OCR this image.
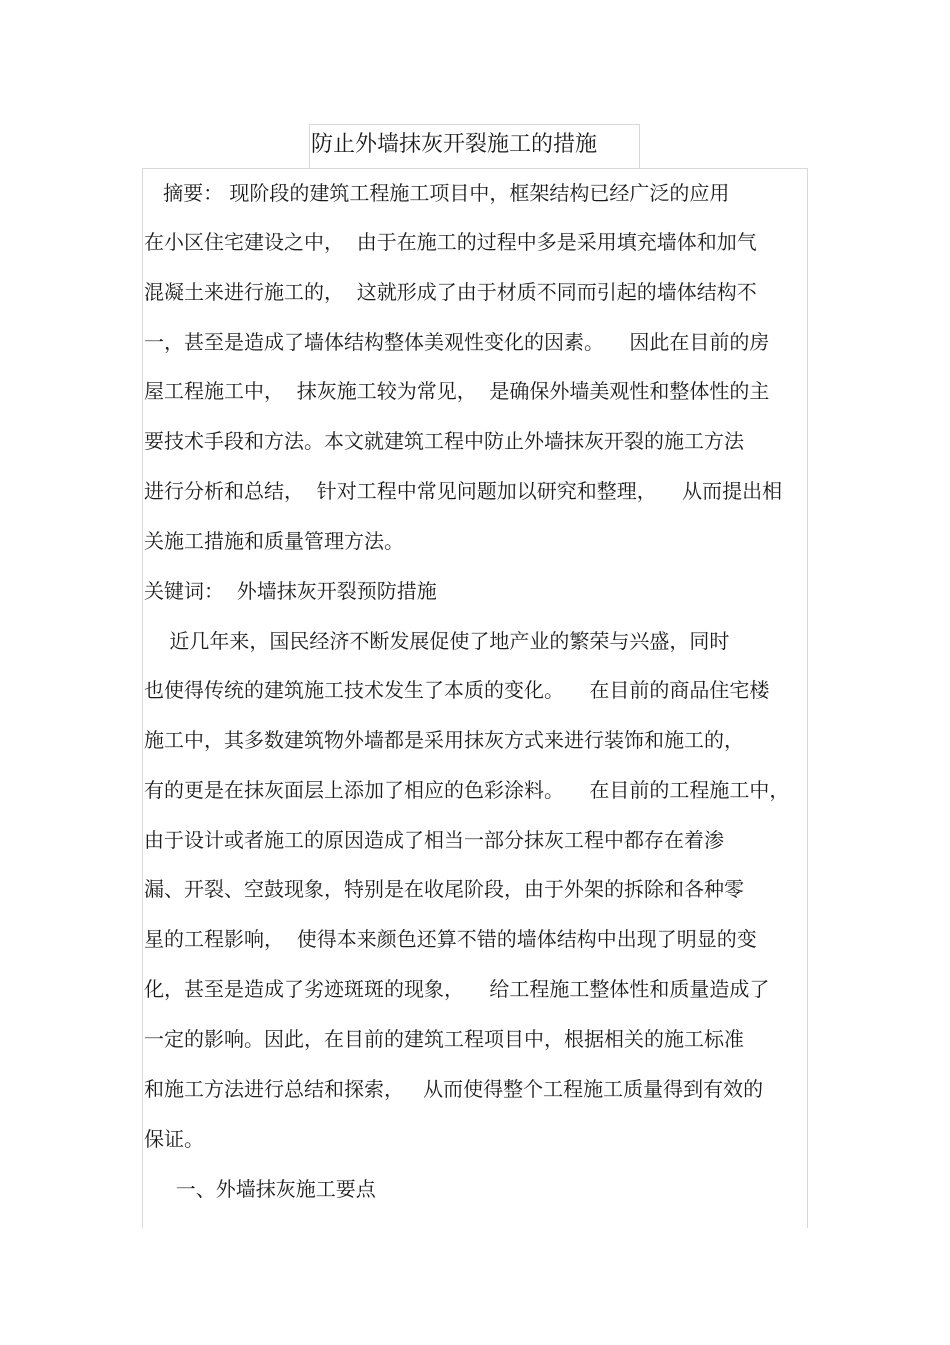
防止外墙抹灰开裂施工的措施
摘要： 现阶段的建筑工程施工项目中，框架结构已经广泛的应用
在小区住宅建设之中，  由于在施工的过程中多是采用填充墙体和加气
混凝土来进行施工的，  这就形成了由于材质不同而引起的墙体结构不
一，甚至是造成了墙体结构整体美观性变化的因素。    因此在目前的房
屋工程施工中，  抹灰施工较为常见，  是确保外墙美观性和整体性的主
要技术手段和方法。本文就建筑工程中防止外墙抹灰开裂的施工方法
进行分析和总结，  针对工程中常见问题加以研究和整理，    从而提出相
关施工措施和质量管理方法。
关键词：  外墙抹灰开裂预防措施
近几年来，国民经济不断发展促使了地产业的繁荣与兴盛，同时
也使得传统的建筑施工技术发生了本质的变化。    在目前的商品住宅楼
施工中，其多数建筑物外墙都是采用抹灰方式来进行装饰和施工的，
有的更是在抹灰面层上添加了相应的色彩涂料。    在目前的工程施工中，
由于设计或者施工的原因造成了相当一部分抹灰工程中都存在着渗
漏、开裂、空鼓现象，特别是在收尾阶段，由于外架的拆除和各种零
星的工程影响，  使得本来颜色还算不错的墙体结构中出现了明显的变
化，甚至是造成了劣迹斑斑的现象，    给工程施工整体性和质量造成了
一定的影响。因此，在目前的建筑工程项目中，根据相关的施工标准
和施工方法进行总结和探索，   从而使得整个工程施工质量得到有效的
保证。
一、外墙抹灰施工要点
